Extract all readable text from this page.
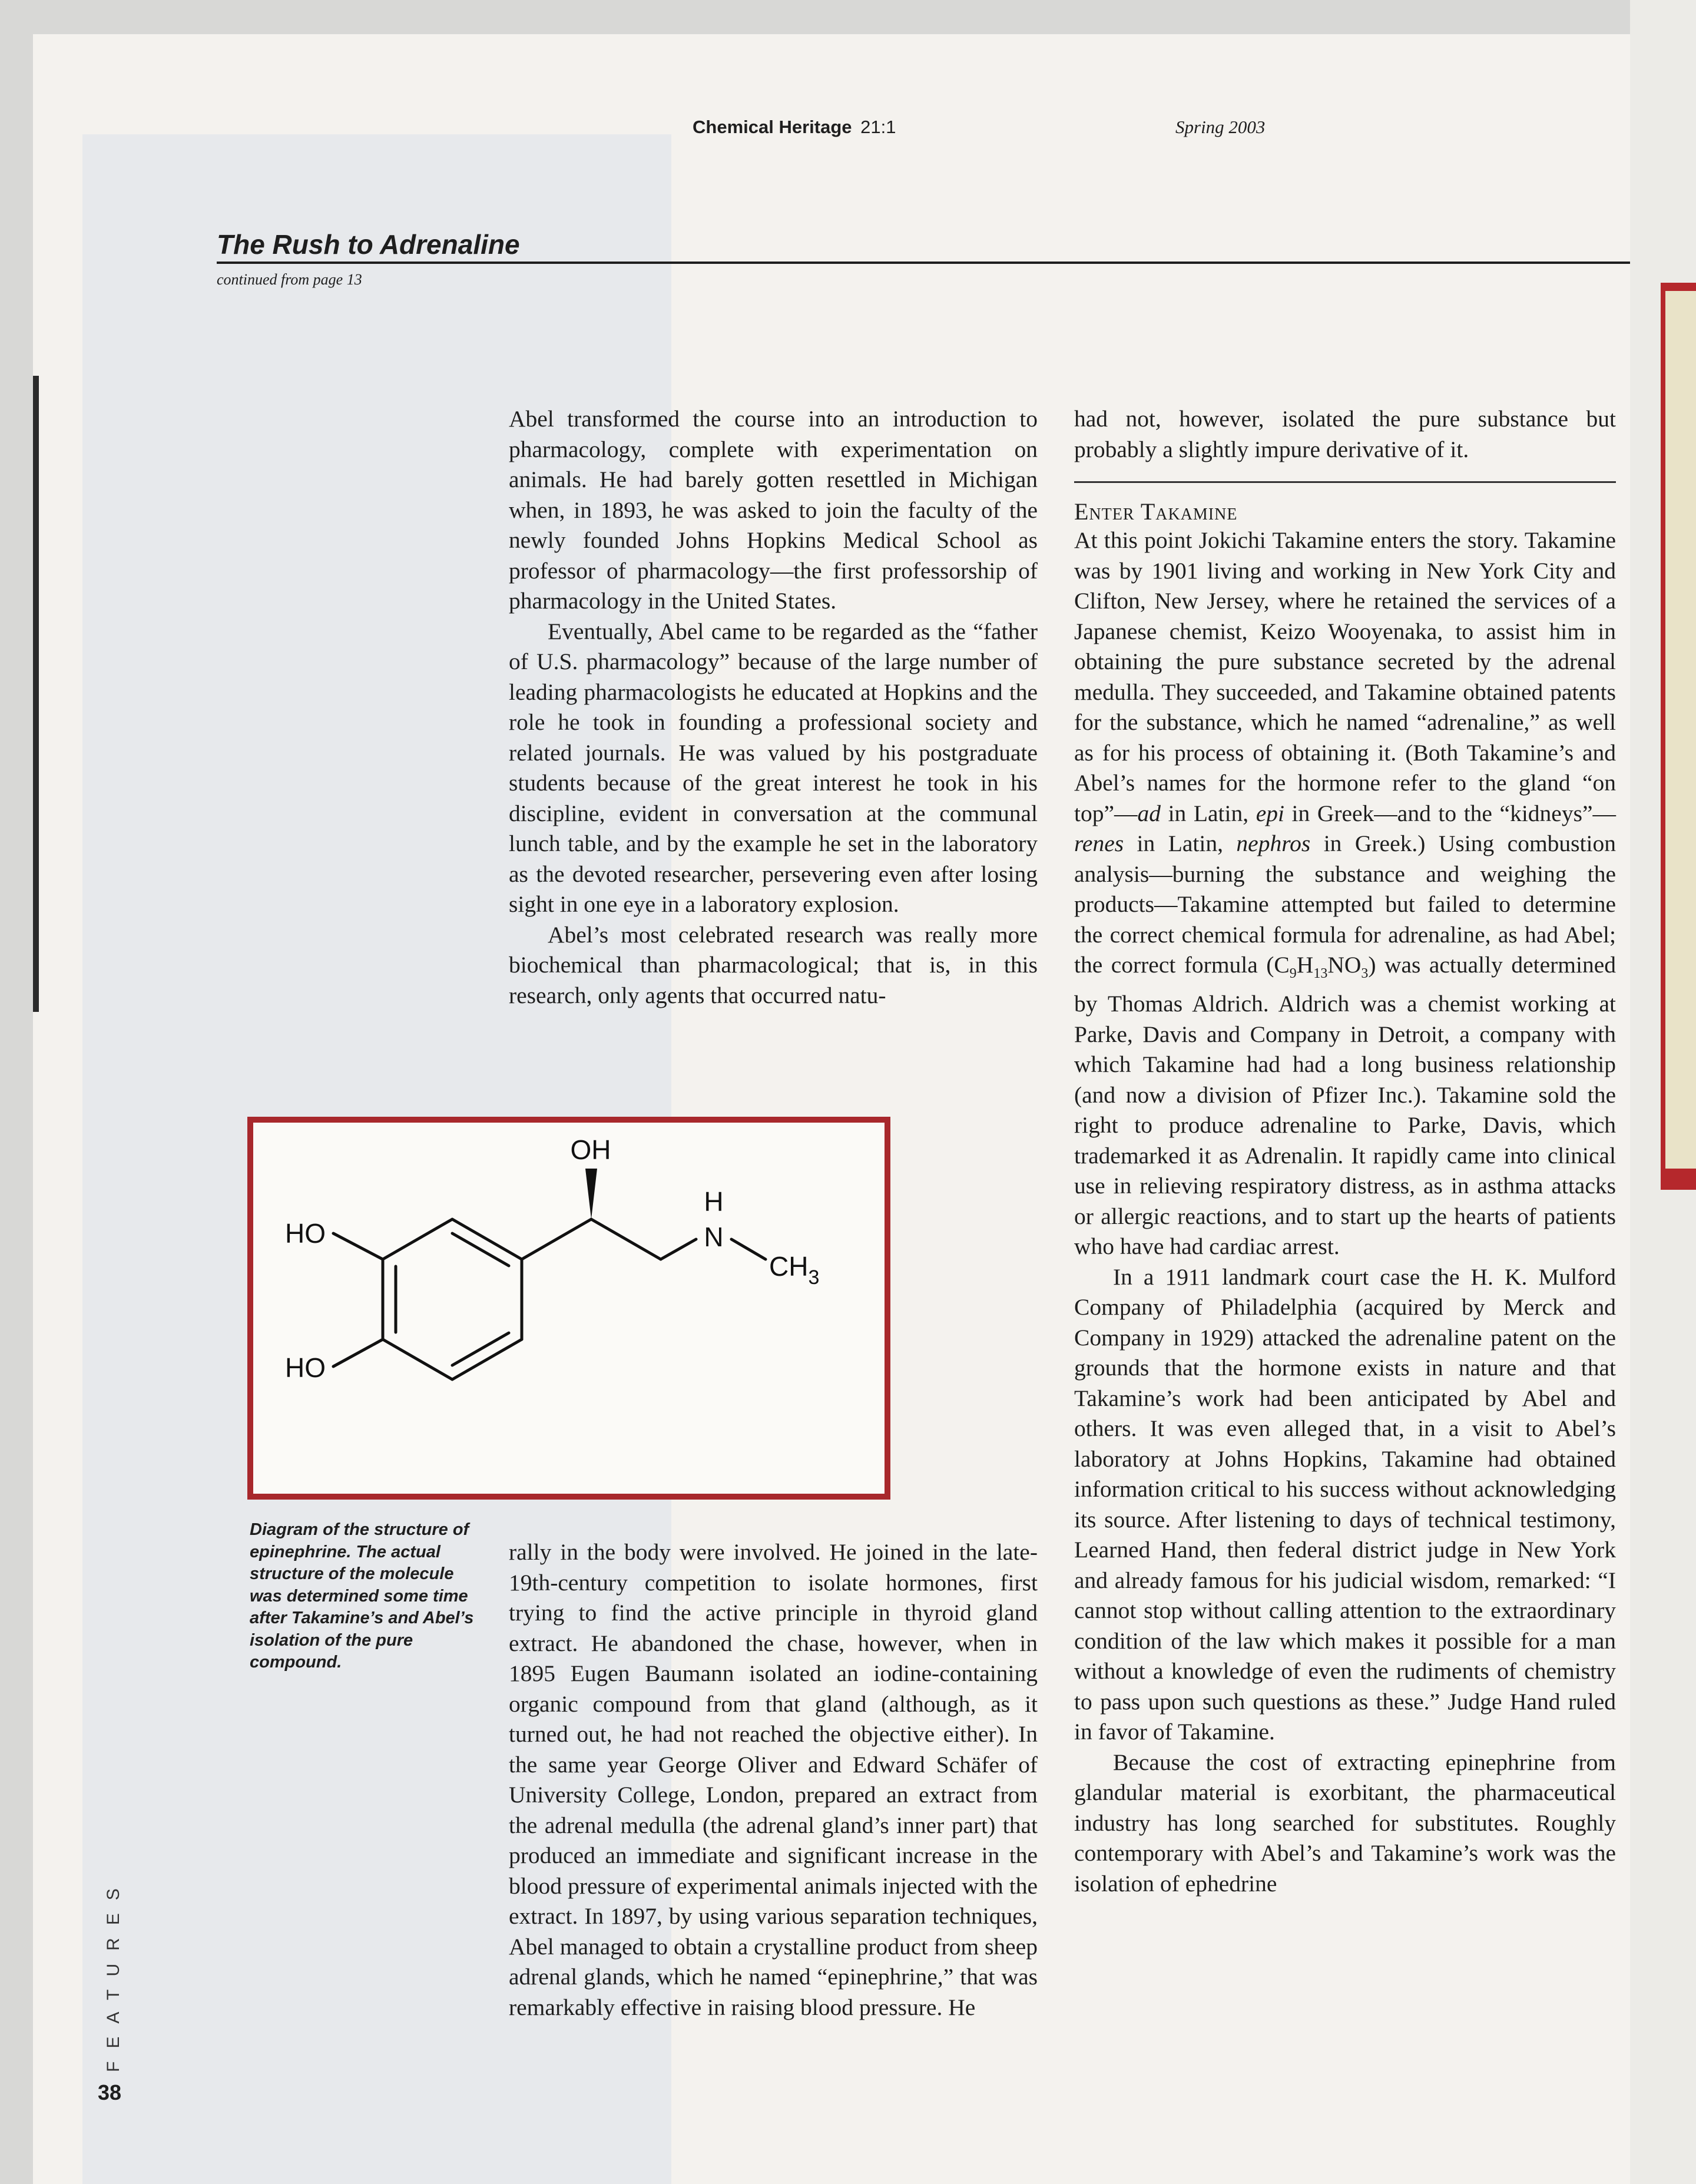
Chemical Heritage 21:1	Spring 2003
The Rush to Adrenaline
continued from page 13

Abel transformed the course into an introduction to pharmacology, complete with experimentation on animals. He had barely gotten resettled in Michigan when, in 1893, he was asked to join the faculty of the newly founded Johns Hopkins Medical School as professor of pharmacology—the first professorship of pharmacology in the United States.

Eventually, Abel came to be regarded as the “father of U.S. pharmacology” because of the large number of leading pharmacologists he educated at Hopkins and the role he took in founding a professional society and related journals. He was valued by his postgraduate students because of the great interest he took in his discipline, evident in conversation at the communal lunch table, and by the example he set in the laboratory as the devoted researcher, persevering even after losing sight in one eye in a laboratory explosion.

Abel’s most celebrated research was really more biochemical than pharmacological; that is, in this research, only agents that occurred natu-

OH
HO
HO
H
N
$CH_3$
Diagram of the structure of epinephrine. The actual structure of the molecule was determined some time after Takamine’s and Abel’s isolation of the pure compound.

rally in the body were involved. He joined in the late-19th-century competition to isolate hormones, first trying to find the active principle in thyroid gland extract. He abandoned the chase, however, when in 1895 Eugen Baumann isolated an iodine-containing organic compound from that gland (although, as it turned out, he had not reached the objective either). In the same year George Oliver and Edward Schäfer of University College, London, prepared an extract from the adrenal medulla (the adrenal gland’s inner part) that produced an immediate and significant increase in the blood pressure of experimental animals injected with the extract. In 1897, by using various separation techniques, Abel managed to obtain a crystalline product from sheep adrenal glands, which he named “epinephrine,” that was remarkably effective in raising blood pressure. He

had not, however, isolated the pure substance but probably a slightly impure derivative of it.

Enter Takamine

At this point Jokichi Takamine enters the story. Takamine was by 1901 living and working in New York City and Clifton, New Jersey, where he retained the services of a Japanese chemist, Keizo Wooyenaka, to assist him in obtaining the pure substance secreted by the adrenal medulla. They succeeded, and Takamine obtained patents for the substance, which he named “adrenaline,” as well as for his process of obtaining it. (Both Takamine’s and Abel’s names for the hormone refer to the gland “on top”—ad in Latin, epi in Greek—and to the “kidneys”—renes in Latin, nephros in Greek.) Using combustion analysis—burning the substance and weighing the products—Takamine attempted but failed to determine the correct chemical formula for adrenaline, as had Abel; the correct formula $(C_9H_{13}NO_3)$ was actually determined by Thomas Aldrich. Aldrich was a chemist working at Parke, Davis and Company in Detroit, a company with which Takamine had had a long business relationship (and now a division of Pfizer Inc.). Takamine sold the right to produce adrenaline to Parke, Davis, which trademarked it as Adrenalin. It rapidly came into clinical use in relieving respiratory distress, as in asthma attacks or allergic reactions, and to start up the hearts of patients who have had cardiac arrest.

In a 1911 landmark court case the H. K. Mulford Company of Philadelphia (acquired by Merck and Company in 1929) attacked the adrenaline patent on the grounds that the hormone exists in nature and that Takamine’s work had been anticipated by Abel and others. It was even alleged that, in a visit to Abel’s laboratory at Johns Hopkins, Takamine had obtained information critical to his success without acknowledging its source. After listening to days of technical testimony, Learned Hand, then federal district judge in New York and already famous for his judicial wisdom, remarked: “I cannot stop without calling attention to the extraordinary condition of the law which makes it possible for a man without a knowledge of even the rudiments of chemistry to pass upon such questions as these.” Judge Hand ruled in favor of Takamine.

Because the cost of extracting epinephrine from glandular material is exorbitant, the pharmaceutical industry has long searched for substitutes. Roughly contemporary with Abel’s and Takamine’s work was the isolation of ephedrine

FEATURES
38
